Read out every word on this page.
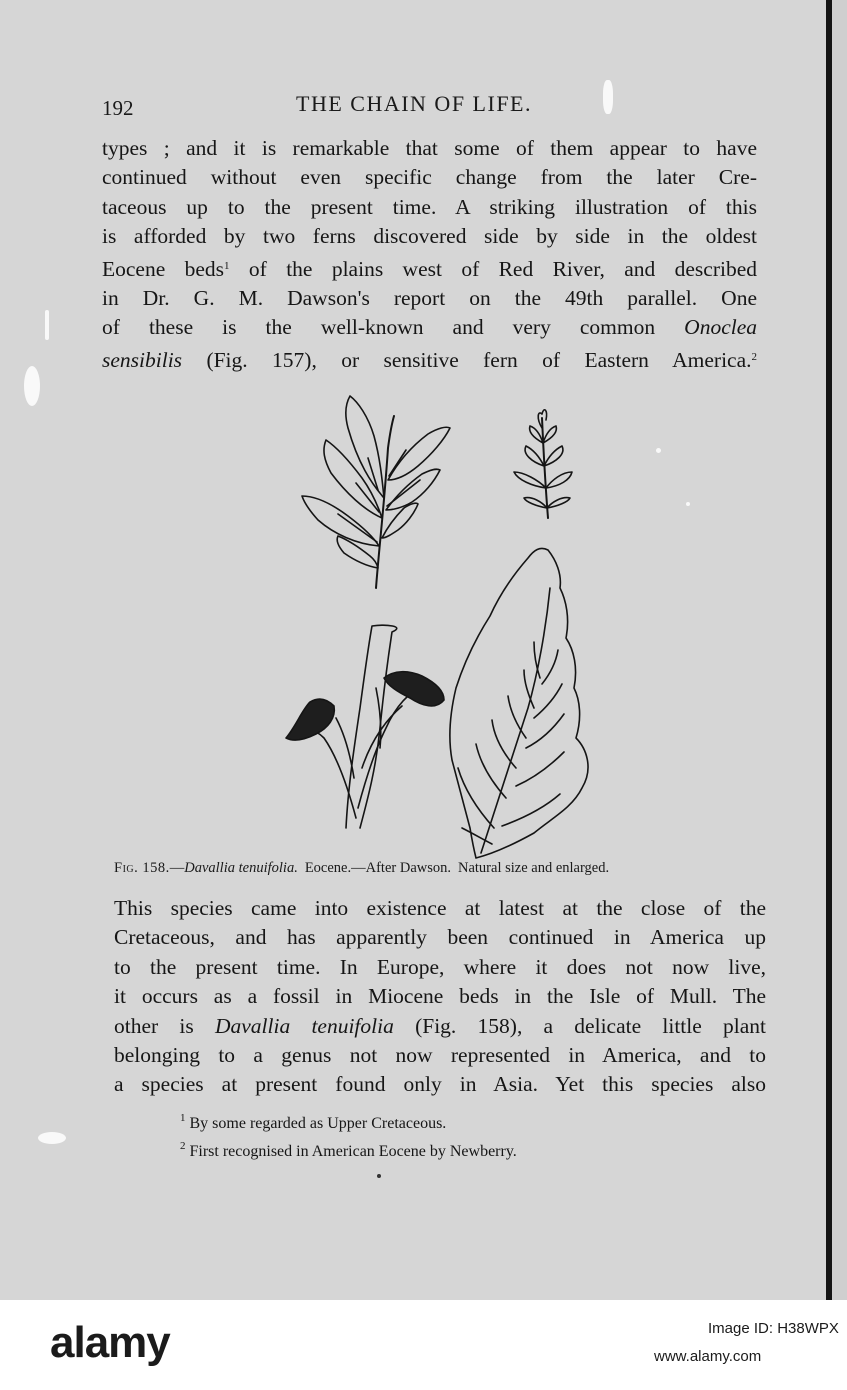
192	THE CHAIN OF LIFE.
types ; and it is remarkable that some of them appear to have
continued without even specific change from the later Cre-
taceous up to the present time. A striking illustration of this
is afforded by two ferns discovered side by side in the oldest
Eocene beds$^1$ of the plains west of Red River, and described
in Dr. G. M. Dawson's report on the 49th parallel. One
of these is the well-known and very common Onoclea
sensibilis (Fig. 157), or sensitive fern of Eastern America.$^2$
Fig. 158.—Davallia tenuifolia. Eocene.—After Dawson. Natural size and enlarged.
This species came into existence at latest at the close of the
Cretaceous, and has apparently been continued in America up
to the present time. In Europe, where it does not now live,
it occurs as a fossil in Miocene beds in the Isle of Mull. The
other is Davallia tenuifolia (Fig. 158), a delicate little plant
belonging to a genus not now represented in America, and to
a species at present found only in Asia. Yet this species also
$^1$ By some regarded as Upper Cretaceous.
$^2$ First recognised in American Eocene by Newberry.
alamy	Image ID: H38WPX
www.alamy.com
